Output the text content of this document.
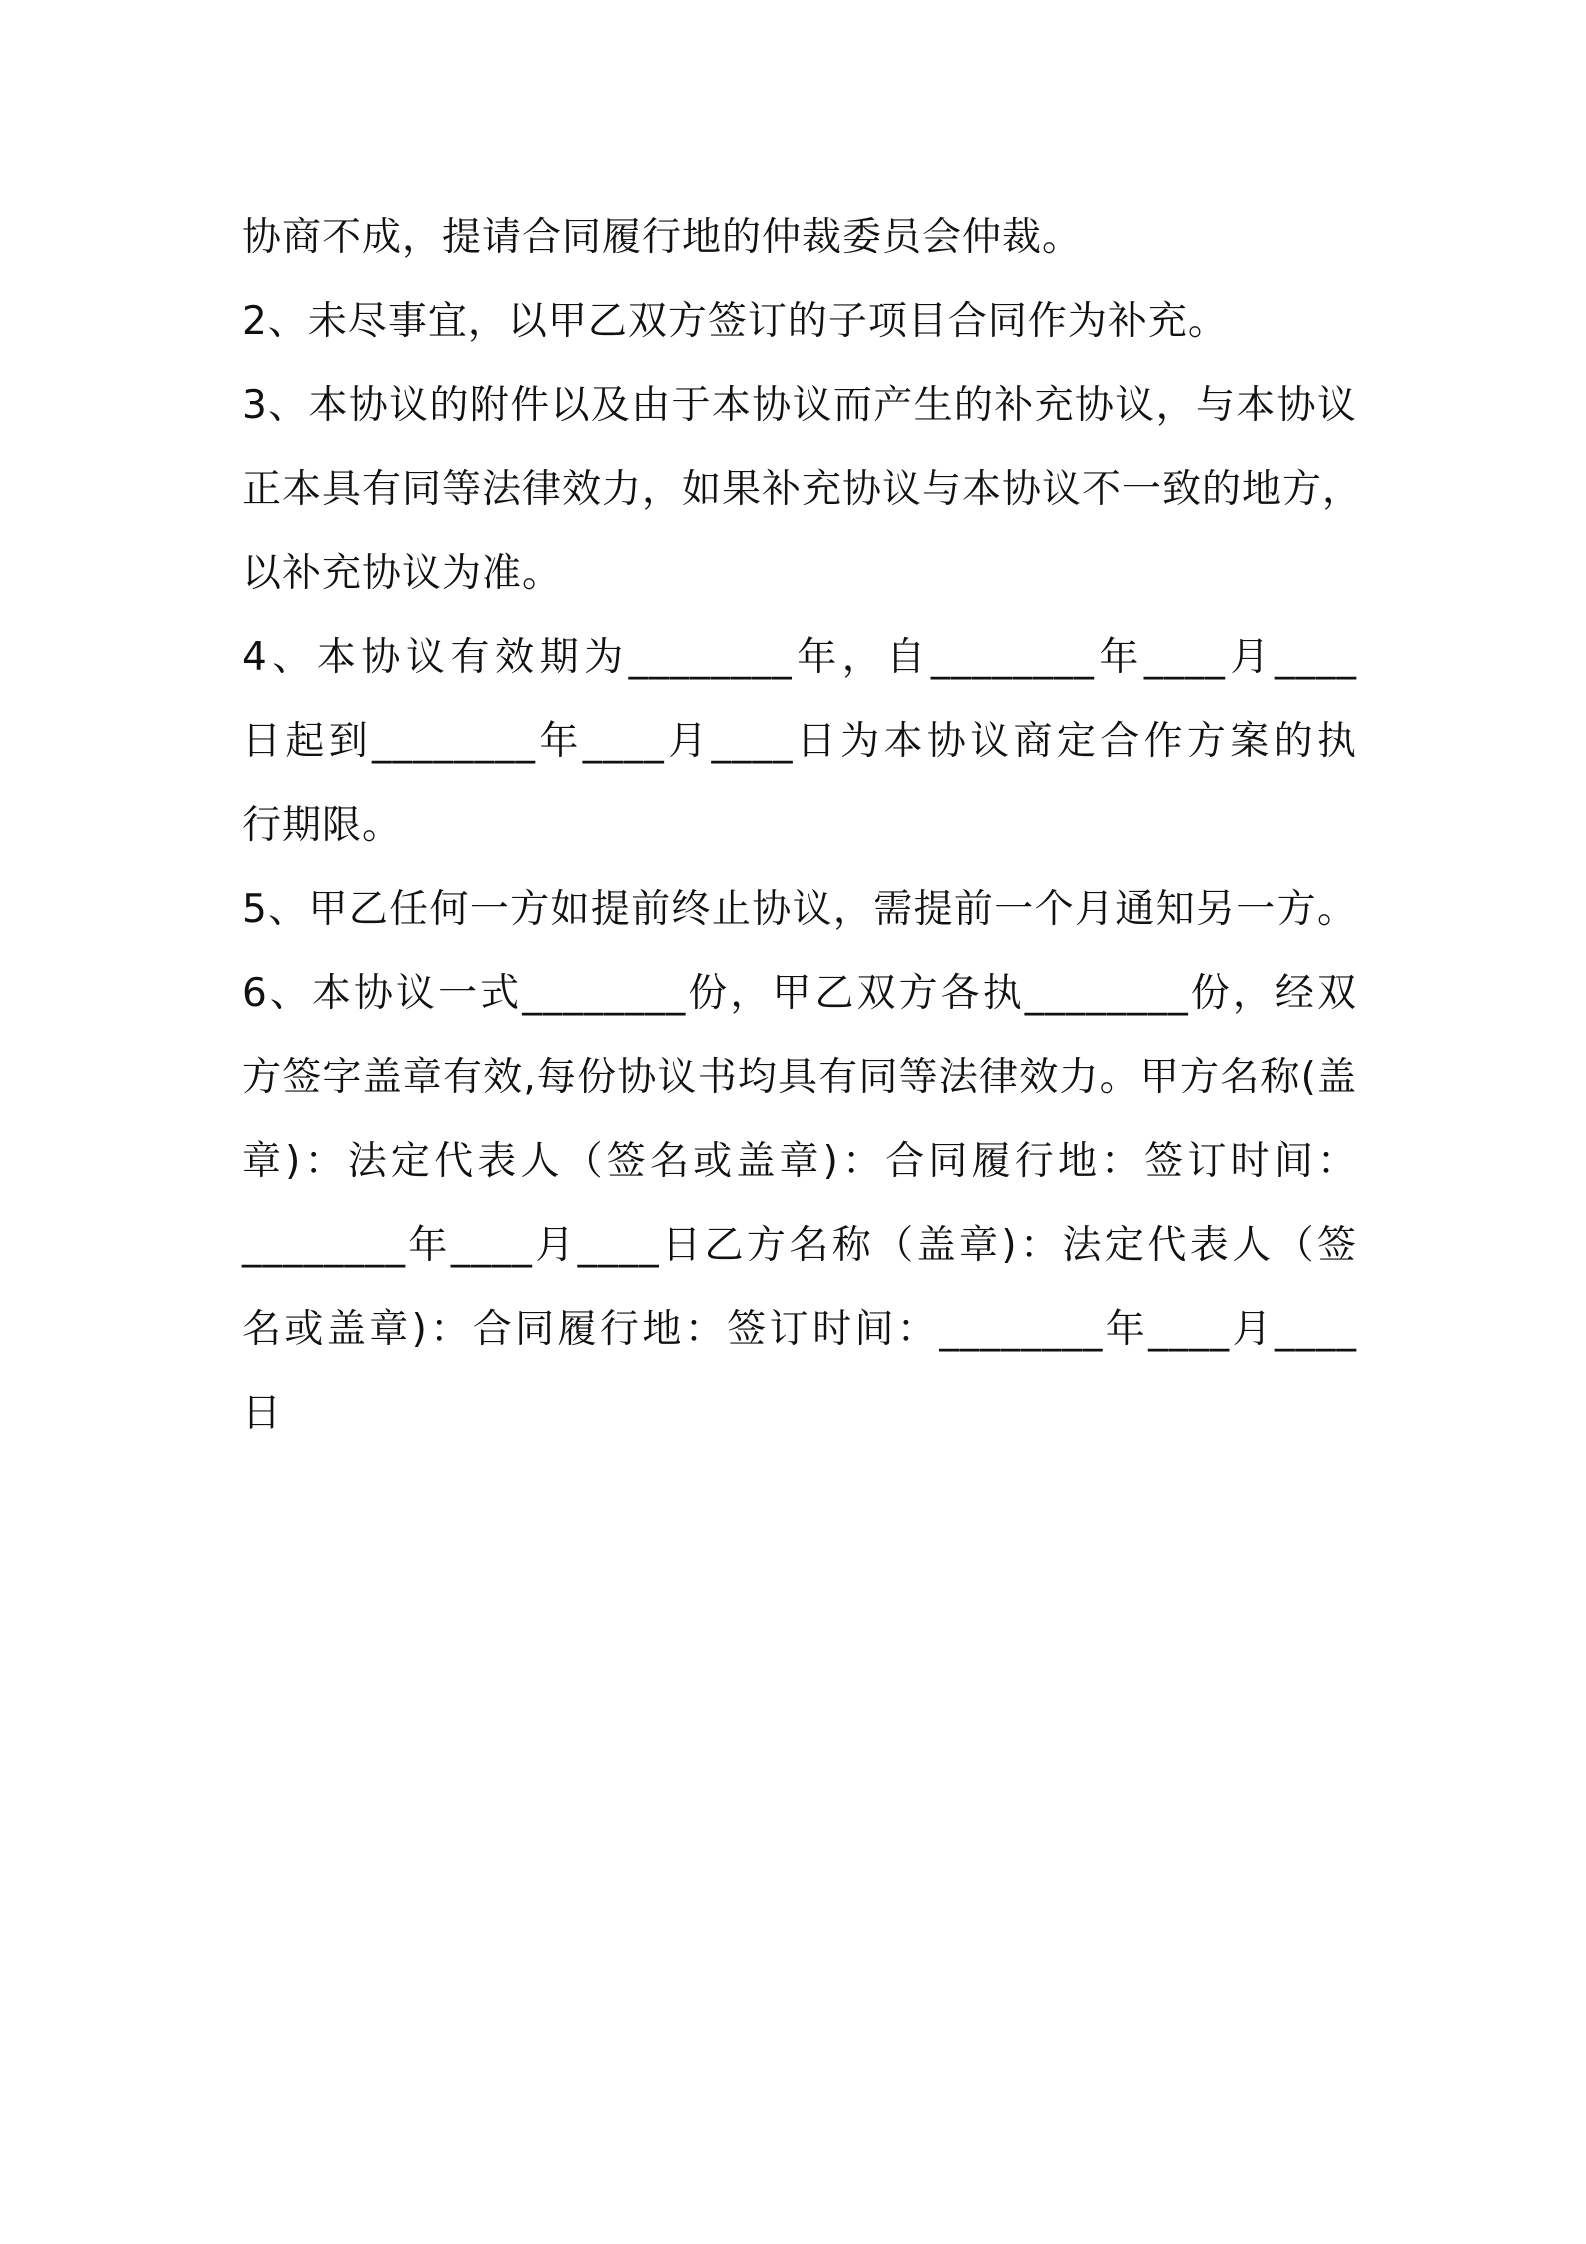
协商不成，提请合同履行地的仲裁委员会仲裁。
2、未尽事宜，以甲乙双方签订的子项目合同作为补充。
3、本协议的附件以及由于本协议而产生的补充协议，与本协议
正本具有同等法律效力，如果补充协议与本协议不一致的地方，
以补充协议为准。
4、本协议有效期为________年，自________年____月____
日起到________年____月____日为本协议商定合作方案的执
行期限。
5、甲乙任何一方如提前终止协议，需提前一个月通知另一方。
6、本协议一式________份，甲乙双方各执________份，经双
方签字盖章有效,每份协议书均具有同等法律效力。甲方名称(盖
章)：法定代表人（签名或盖章)：合同履行地：签订时间：
________年____月____日乙方名称（盖章)：法定代表人（签
名或盖章)：合同履行地：签订时间：________年____月____
日
